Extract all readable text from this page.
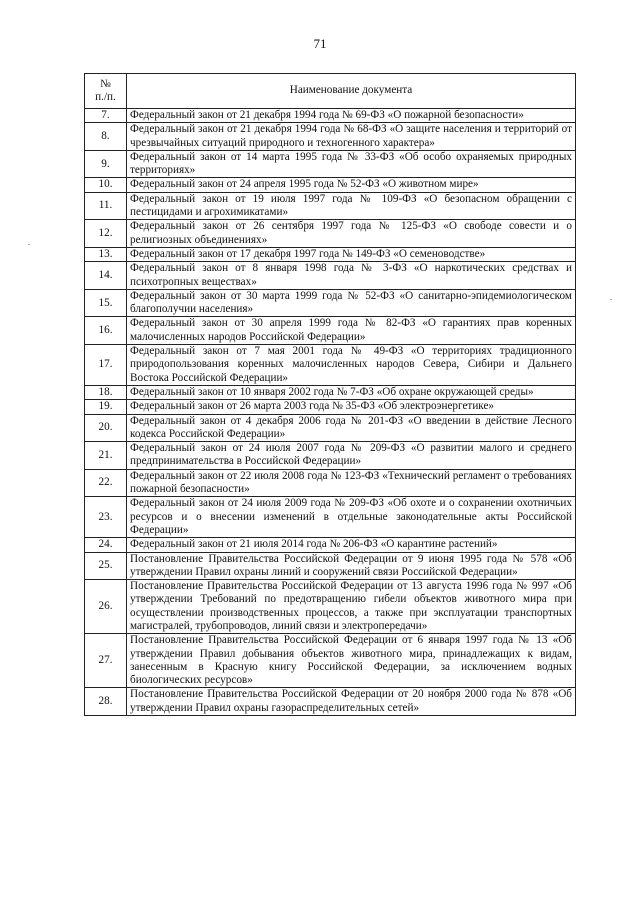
71
№
п./п.	Наименование документа
7.	Федеральный закон от 21 декабря 1994 года № 69-ФЗ «О пожарной безопасности»
8.	Федеральный закон от 21 декабря 1994 года № 68-ФЗ «О защите населения и территорий от чрезвычайных ситуаций природного и техногенного характера»
9.	Федеральный закон от 14 марта 1995 года № 33-ФЗ «Об особо охраняемых природных территориях»
10.	Федеральный закон от 24 апреля 1995 года № 52-ФЗ «О животном мире»
11.	Федеральный закон от 19 июля 1997 года № 109-ФЗ «О безопасном обращении с пестицидами и агрохимикатами»
12.	Федеральный закон от 26 сентября 1997 года № 125-ФЗ «О свободе совести и о религиозных объединениях»
13.	Федеральный закон от 17 декабря 1997 года № 149-ФЗ «О семеноводстве»
14.	Федеральный закон от 8 января 1998 года № 3-ФЗ «О наркотических средствах и психотропных веществах»
15.	Федеральный закон от 30 марта 1999 года № 52-ФЗ «О санитарно-эпидемиологическом благополучии населения»
16.	Федеральный закон от 30 апреля 1999 года № 82-ФЗ «О гарантиях прав коренных малочисленных народов Российской Федерации»
17.	Федеральный закон от 7 мая 2001 года № 49-ФЗ «О территориях традиционного природопользования коренных малочисленных народов Севера, Сибири и Дальнего Востока Российской Федерации»
18.	Федеральный закон от 10 января 2002 года № 7-ФЗ «Об охране окружающей среды»
19.	Федеральный закон от 26 марта 2003 года № 35-ФЗ «Об электроэнергетике»
20.	Федеральный закон от 4 декабря 2006 года № 201-ФЗ «О введении в действие Лесного кодекса Российской Федерации»
21.	Федеральный закон от 24 июля 2007 года № 209-ФЗ «О развитии малого и среднего предпринимательства в Российской Федерации»
22.	Федеральный закон от 22 июля 2008 года № 123-ФЗ «Технический регламент о требованиях пожарной безопасности»
23.	Федеральный закон от 24 июля 2009 года № 209-ФЗ «Об охоте и о сохранении охотничьих ресурсов и о внесении изменений в отдельные законодательные акты Российской Федерации»
24.	Федеральный закон от 21 июля 2014 года № 206-ФЗ «О карантине растений»
25.	Постановление Правительства Российской Федерации от 9 июня 1995 года № 578 «Об утверждении Правил охраны линий и сооружений связи Российской Федерации»
26.	Постановление Правительства Российской Федерации от 13 августа 1996 года № 997 «Об утверждении Требований по предотвращению гибели объектов животного мира при осуществлении производственных процессов, а также при эксплуатации транспортных магистралей, трубопроводов, линий связи и электропередачи»
27.	Постановление Правительства Российской Федерации от 6 января 1997 года № 13 «Об утверждении Правил добывания объектов животного мира, принадлежащих к видам, занесенным в Красную книгу Российской Федерации, за исключением водных биологических ресурсов»
28.	Постановление Правительства Российской Федерации от 20 ноября 2000 года № 878 «Об утверждении Правил охраны газораспределительных сетей»
